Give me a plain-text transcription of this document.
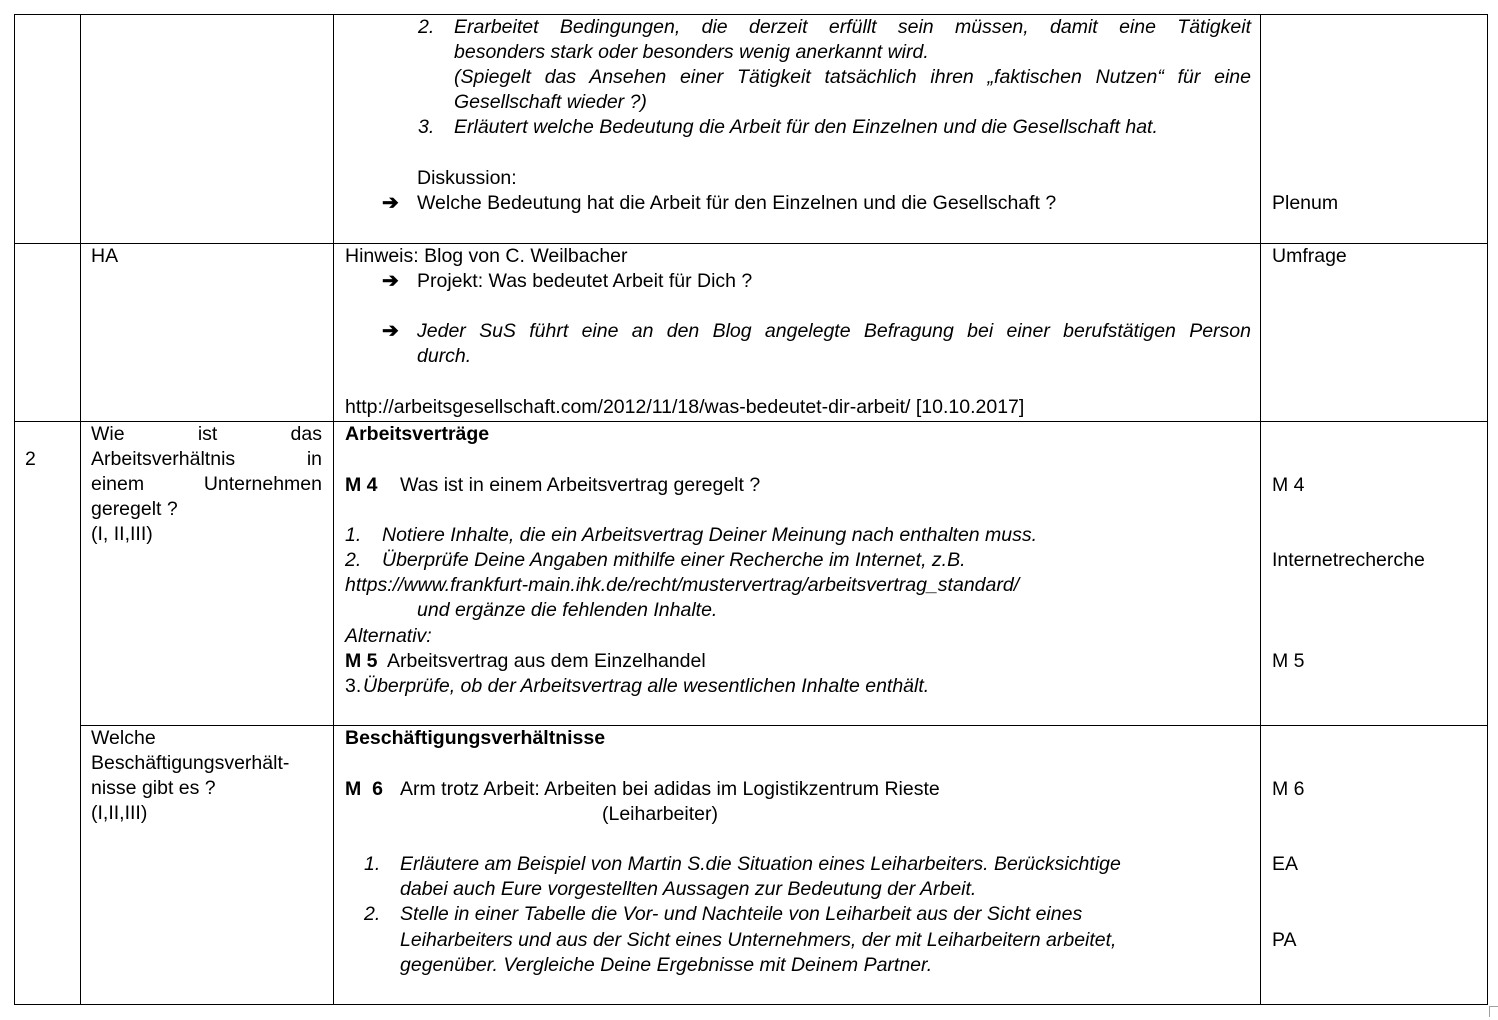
2. Erarbeitet Bedingungen, die derzeit erfüllt sein müssen, damit eine Tätigkeit
besonders stark oder besonders wenig anerkannt wird.
(Spiegelt das Ansehen einer Tätigkeit tatsächlich ihren „faktischen Nutzen“ für eine
Gesellschaft wieder ?)
3. Erläutert welche Bedeutung die Arbeit für den Einzelnen und die Gesellschaft hat.
Diskussion:
➔ Welche Bedeutung hat die Arbeit für den Einzelnen und die Gesellschaft ?	Plenum
HA	Hinweis: Blog von C. Weilbacher
➔ Projekt: Was bedeutet Arbeit für Dich ?
➔ Jeder SuS führt eine an den Blog angelegte Befragung bei einer berufstätigen Person
durch.
http://arbeitsgesellschaft.com/2012/11/18/was-bedeutet-dir-arbeit/ [10.10.2017]
Umfrage
2
Wie ist das
Arbeitsverhältnis in
einem Unternehmen
geregelt ?
(I, II,III)
Arbeitsverträge
M 4 Was ist in einem Arbeitsvertrag geregelt ?
1. Notiere Inhalte, die ein Arbeitsvertrag Deiner Meinung nach enthalten muss.
2. Überprüfe Deine Angaben mithilfe einer Recherche im Internet, z.B.
https://www.frankfurt-main.ihk.de/recht/mustervertrag/arbeitsvertrag_standard/
und ergänze die fehlenden Inhalte.
Alternativ:
M 5 Arbeitsvertrag aus dem Einzelhandel
3. Überprüfe, ob der Arbeitsvertrag alle wesentlichen Inhalte enthält.
M 4
Internetrecherche
M 5
Welche
Beschäftigungsverhält-
nisse gibt es ?
(I,II,III)
Beschäftigungsverhältnisse
M  6 Arm trotz Arbeit: Arbeiten bei adidas im Logistikzentrum Rieste
(Leiharbeiter)
1. Erläutere am Beispiel von Martin S.die Situation eines Leiharbeiters. Berücksichtige
dabei auch Eure vorgestellten Aussagen zur Bedeutung der Arbeit.
2. Stelle in einer Tabelle die Vor- und Nachteile von Leiharbeit aus der Sicht eines
Leiharbeiters und aus der Sicht eines Unternehmers, der mit Leiharbeitern arbeitet,
gegenüber. Vergleiche Deine Ergebnisse mit Deinem Partner.
M 6
EA
PA
